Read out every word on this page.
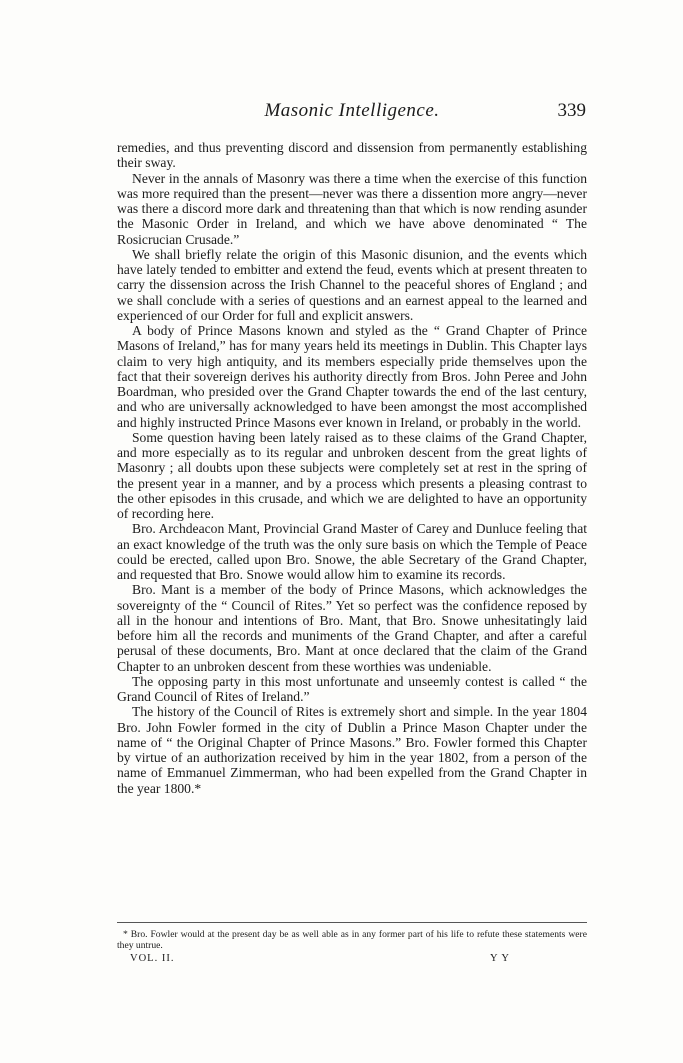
Masonic Intelligence.	339

remedies, and thus preventing discord and dissension from permanently establishing their sway.

Never in the annals of Masonry was there a time when the exercise of this function was more required than the present—never was there a dissention more angry—never was there a discord more dark and threatening than that which is now rending asunder the Masonic Order in Ireland, and which we have above denominated “ The Rosicrucian Crusade.”

We shall briefly relate the origin of this Masonic disunion, and the events which have lately tended to embitter and extend the feud, events which at present threaten to carry the dissension across the Irish Channel to the peaceful shores of England ; and we shall conclude with a series of questions and an earnest appeal to the learned and experienced of our Order for full and explicit answers.

A body of Prince Masons known and styled as the “ Grand Chapter of Prince Masons of Ireland,” has for many years held its meetings in Dublin. This Chapter lays claim to very high antiquity, and its members especially pride themselves upon the fact that their sovereign derives his authority directly from Bros. John Peree and John Boardman, who presided over the Grand Chapter towards the end of the last century, and who are universally acknowledged to have been amongst the most accomplished and highly instructed Prince Masons ever known in Ireland, or probably in the world.

Some question having been lately raised as to these claims of the Grand Chapter, and more especially as to its regular and unbroken descent from the great lights of Masonry ; all doubts upon these subjects were completely set at rest in the spring of the present year in a manner, and by a process which presents a pleasing contrast to the other episodes in this crusade, and which we are delighted to have an opportunity of recording here.

Bro. Archdeacon Mant, Provincial Grand Master of Carey and Dunluce feeling that an exact knowledge of the truth was the only sure basis on which the Temple of Peace could be erected, called upon Bro. Snowe, the able Secretary of the Grand Chapter, and requested that Bro. Snowe would allow him to examine its records.

Bro. Mant is a member of the body of Prince Masons, which acknowledges the sovereignty of the “ Council of Rites.” Yet so perfect was the confidence reposed by all in the honour and intentions of Bro. Mant, that Bro. Snowe unhesitatingly laid before him all the records and muniments of the Grand Chapter, and after a careful perusal of these documents, Bro. Mant at once declared that the claim of the Grand Chapter to an unbroken descent from these worthies was undeniable.

The opposing party in this most unfortunate and unseemly contest is called “ the Grand Council of Rites of Ireland.”

The history of the Council of Rites is extremely short and simple. In the year 1804 Bro. John Fowler formed in the city of Dublin a Prince Mason Chapter under the name of “ the Original Chapter of Prince Masons.” Bro. Fowler formed this Chapter by virtue of an authorization received by him in the year 1802, from a person of the name of Emmanuel Zimmerman, who had been expelled from the Grand Chapter in the year 1800.*

* Bro. Fowler would at the present day be as well able as in any former part of his life to refute these statements were they untrue.

VOL. II.	Y Y
